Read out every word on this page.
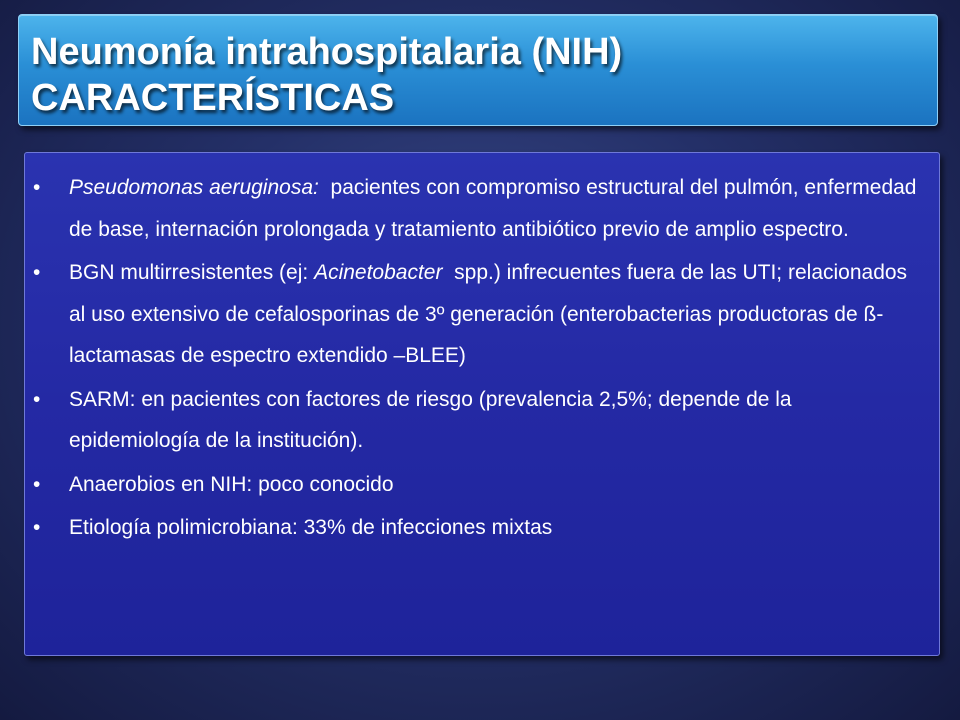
Neumonía intrahospitalaria (NIH)
CARACTERÍSTICAS
• Pseudomonas aeruginosa:  pacientes con compromiso estructural del pulmón, enfermedad de base, internación prolongada y tratamiento antibiótico previo de amplio espectro.
• BGN multirresistentes (ej: Acinetobacter  spp.) infrecuentes fuera de las UTI; relacionados al uso extensivo de cefalosporinas de 3º generación (enterobacterias productoras de ß-lactamasas de espectro extendido –BLEE)
• SARM: en pacientes con factores de riesgo (prevalencia 2,5%; depende de la epidemiología de la institución).
• Anaerobios en NIH: poco conocido
• Etiología polimicrobiana: 33% de infecciones mixtas
